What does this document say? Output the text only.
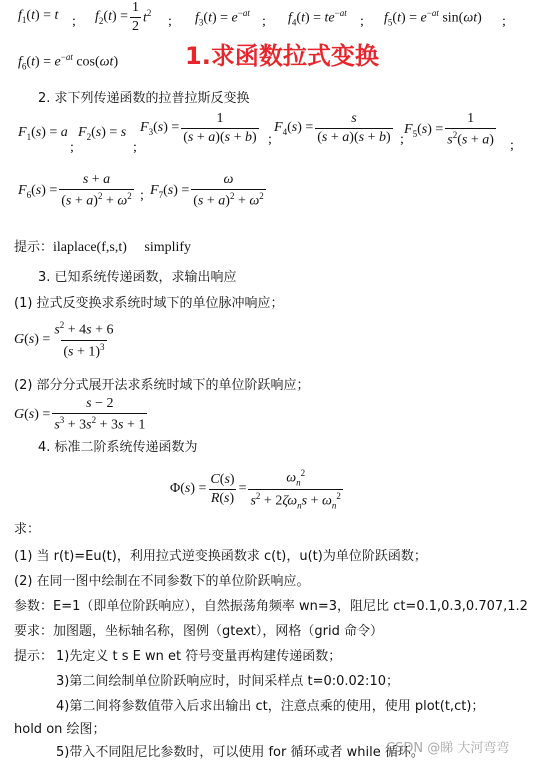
$f_1(t) = t$ ; $f_2(t) = \frac{1}{2} t^2$
; $f_3(t) = e^{-at}$
; $f_4(t) = te^{-at}$
; $f_5(t) = e^{-at}$ sin(ωt) ;
$f_6(t) = e^{-at}$ cos(ωt)	1.求函数拉式变换
2. 求下列传递函数的拉普拉斯反变换
$F_1(s) = a$
;
$F_2(s) = s$
;
$F_3(s) = \frac{1}{(s + a)(s + b)}$ ;
$F_4(s) = \frac{s}{(s + a)(s + b)}$ ;
$F_5(s) = \frac{1}{s^2(s + a)}$ ;
$F_6(s) = \frac{s + a}{(s + a)^2 + \omega^2}$ ; $F_7(s) = \frac{\omega}{(s + a)^2 + \omega^2}$
提示：ilaplace(f,s,t)     simplify
3. 已知系统传递函数，求输出响应
(1) 拉式反变换求系统时域下的单位脉冲响应；
$G(s) = \frac{s^2 + 4s + 6}{(s + 1)^3}$
(2) 部分分式展开法求系统时域下的单位阶跃响应；
$G(s) = \frac{s - 2}{s^3 + 3s^2 + 3s + 1}$
4. 标准二阶系统传递函数为
$\Phi(s) = \frac{C(s)}{R(s)} = \frac{\omega_n^2}{s^2 + 2\zeta\omega_ns + \omega_n^2}$
求：
(1) 当 r(t)=Eu(t)，利用拉式逆变换函数求 c(t)，u(t)为单位阶跃函数；
(2) 在同一图中绘制在不同参数下的单位阶跃响应。
参数：E=1（即单位阶跃响应），自然振荡角频率 wn=3，阻尼比 ct=0.1,0.3,0.707,1.2
要求：加图题，坐标轴名称，图例（gtext），网格（grid 命令）
提示： 1)先定义 t s E wn et 符号变量再构建传递函数；
3)第二间绘制单位阶跃响应时，时间采样点 t=0:0.02:10；
4)第二间将参数值带入后求出输出 ct，注意点乘的使用，使用 plot(t,ct)；
hold on 绘图；
5)带入不同阻尼比参数时，可以使用 for 循环或者 while 循环。
CSDN @睇 大河弯弯
